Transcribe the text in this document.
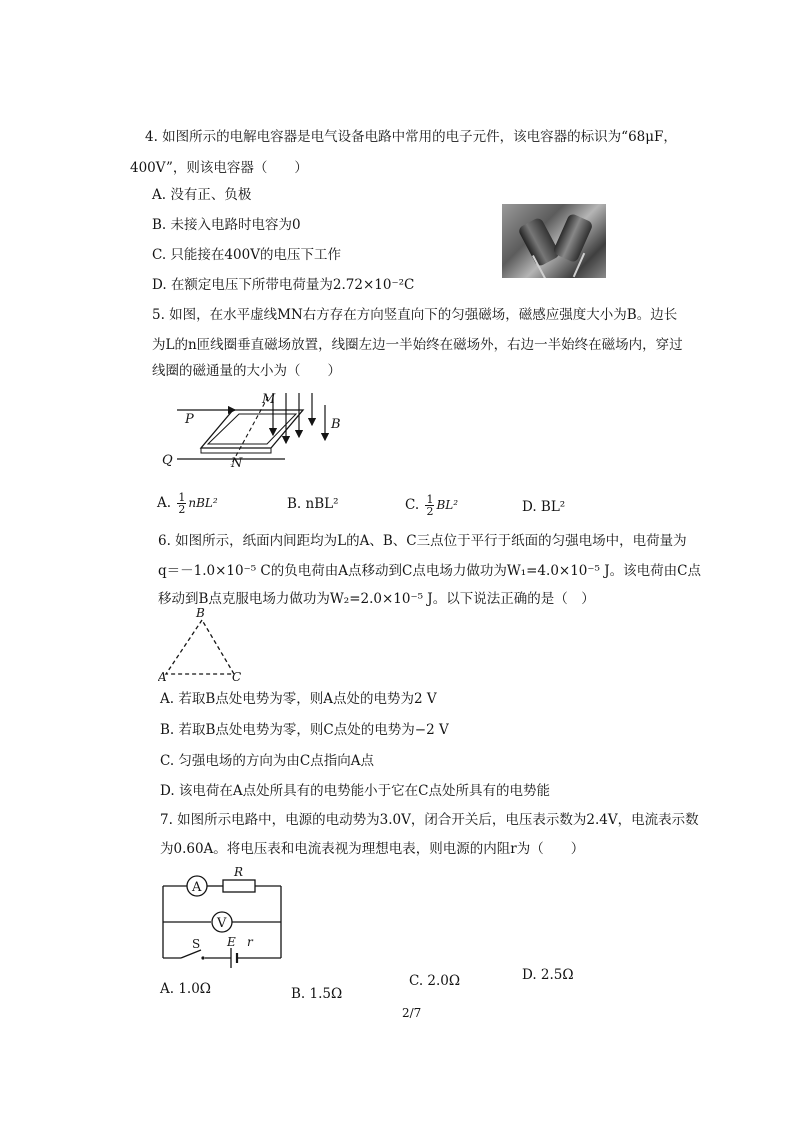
4. 如图所示的电解电容器是电气设备电路中常用的电子元件，该电容器的标识为“68μF，
400V”，则该电容器（　　）
A. 没有正、负极
B. 未接入电路时电容为0
C. 只能接在400V的电压下工作
D. 在额定电压下所带电荷量为2.72×10⁻²C
5. 如图，在水平虚线MN右方存在方向竖直向下的匀强磁场，磁感应强度大小为B。边长
为L的n匝线圈垂直磁场放置，线圈左边一半始终在磁场外，右边一半始终在磁场内，穿过
线圈的磁通量的大小为（　　）
P
Q
M
N
B
A. $\frac{1}{2} nBL^2$	B. nBL²	C. $\frac{1}{2} BL^2$	D. BL²
6. 如图所示，纸面内间距均为L的A、B、C三点位于平行于纸面的匀强电场中，电荷量为
q＝－1.0×10⁻⁵ C的负电荷由A点移动到C点电场力做功为W₁=4.0×10⁻⁵ J。该电荷由C点
移动到B点克服电场力做功为W₂=2.0×10⁻⁵ J。以下说法正确的是（　）
B
A	C
A. 若取B点处电势为零，则A点处的电势为2 V
B. 若取B点处电势为零，则C点处的电势为−2 V
C. 匀强电场的方向为由C点指向A点
D. 该电荷在A点处所具有的电势能小于它在C点处所具有的电势能
7. 如图所示电路中，电源的电动势为3.0V，闭合开关后，电压表示数为2.4V，电流表示数
为0.60A。将电压表和电流表视为理想电表，则电源的内阻r为（　　）
A
R
V
S E r
A. 1.0Ω	B. 1.5Ω
C. 2.0Ω	D. 2.5Ω
2/7
